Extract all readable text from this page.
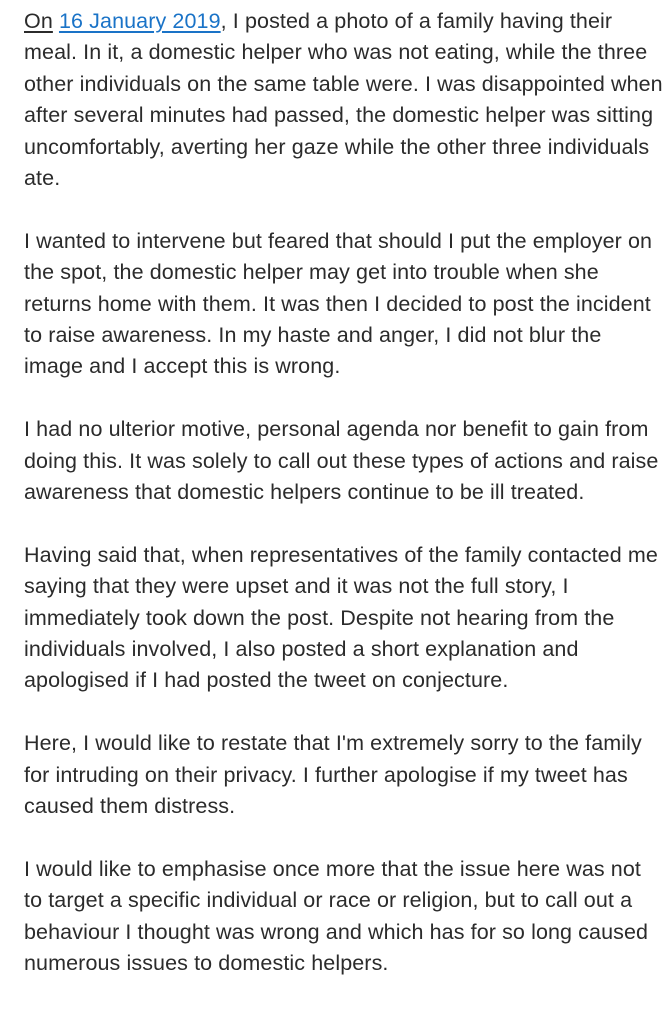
On 16 January 2019, I posted a photo of a family having their meal. In it, a domestic helper who was not eating, while the three other individuals on the same table were. I was disappointed when after several minutes had passed, the domestic helper was sitting uncomfortably, averting her gaze while the other three individuals ate.

I wanted to intervene but feared that should I put the employer on the spot, the domestic helper may get into trouble when she returns home with them. It was then I decided to post the incident to raise awareness. In my haste and anger, I did not blur the image and I accept this is wrong.

I had no ulterior motive, personal agenda nor benefit to gain from doing this. It was solely to call out these types of actions and raise awareness that domestic helpers continue to be ill treated.

Having said that, when representatives of the family contacted me saying that they were upset and it was not the full story, I immediately took down the post. Despite not hearing from the individuals involved, I also posted a short explanation and apologised if I had posted the tweet on conjecture.

Here, I would like to restate that I'm extremely sorry to the family for intruding on their privacy. I further apologise if my tweet has caused them distress.

I would like to emphasise once more that the issue here was not to target a specific individual or race or religion, but to call out a behaviour I thought was wrong and which has for so long caused numerous issues to domestic helpers.
